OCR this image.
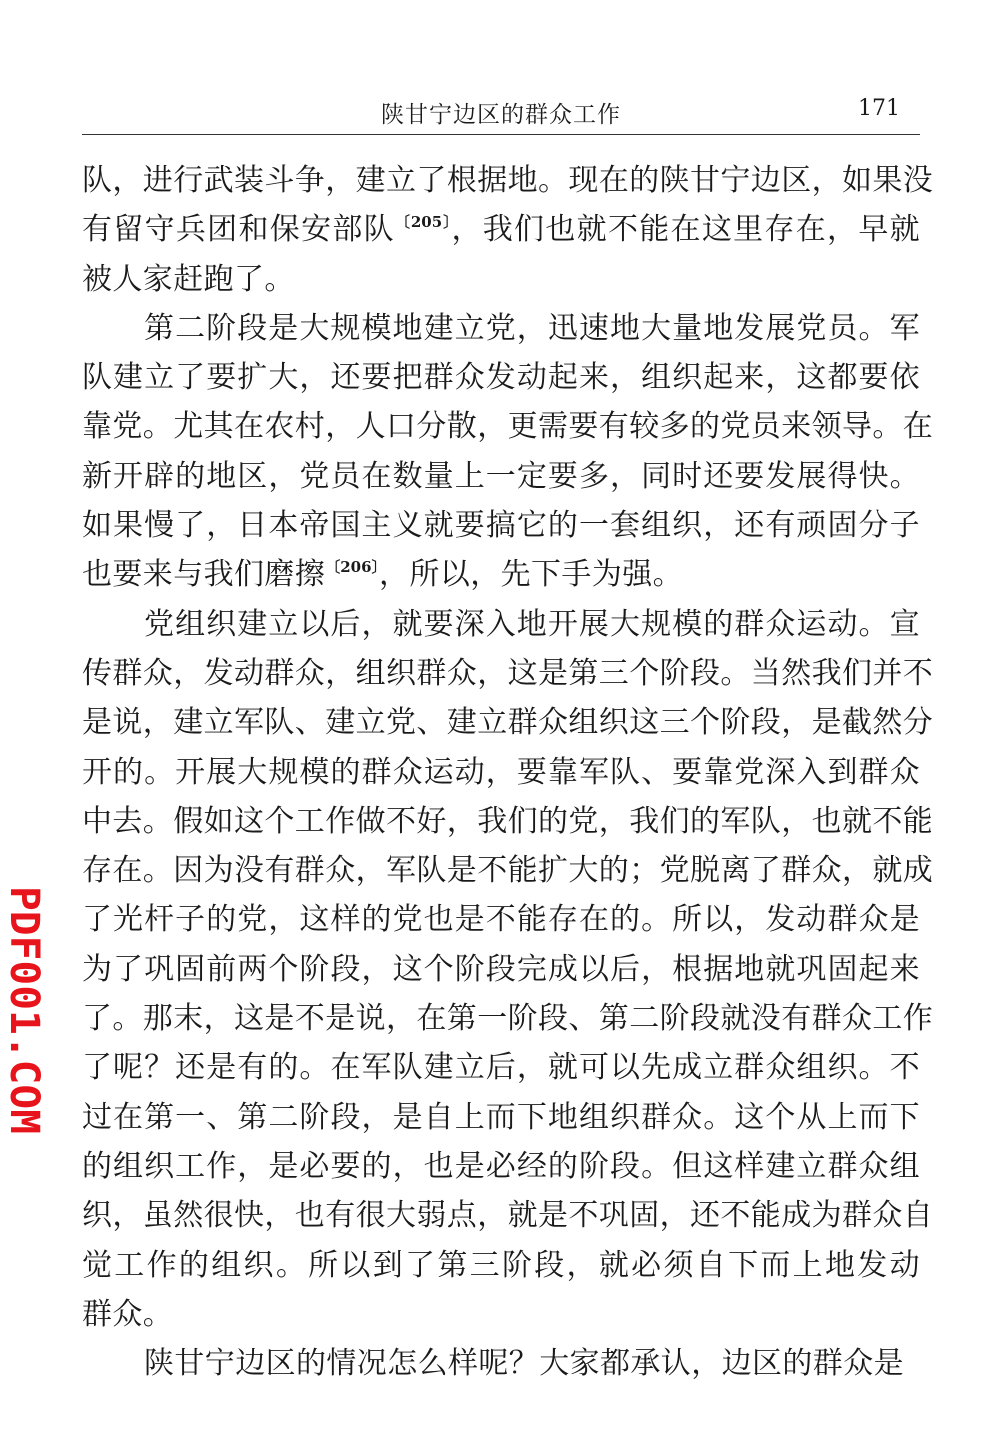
陕甘宁边区的群众工作	171
队，进行武装斗争，建立了根据地。现在的陕甘宁边区，如果没
有留守兵团和保安部队$^{〔205〕}$，我们也就不能在这里存在，早就
被人家赶跑了。
第二阶段是大规模地建立党，迅速地大量地发展党员。军
队建立了要扩大，还要把群众发动起来，组织起来，这都要依
靠党。尤其在农村，人口分散，更需要有较多的党员来领导。在
新开辟的地区，党员在数量上一定要多，同时还要发展得快。
如果慢了，日本帝国主义就要搞它的一套组织，还有顽固分子
也要来与我们磨擦$^{〔206〕}$，所以，先下手为强。
党组织建立以后，就要深入地开展大规模的群众运动。宣
传群众，发动群众，组织群众，这是第三个阶段。当然我们并不
是说，建立军队、建立党、建立群众组织这三个阶段，是截然分
开的。开展大规模的群众运动，要靠军队、要靠党深入到群众
中去。假如这个工作做不好，我们的党，我们的军队，也就不能
存在。因为没有群众，军队是不能扩大的；党脱离了群众，就成
了光杆子的党，这样的党也是不能存在的。所以，发动群众是
为了巩固前两个阶段，这个阶段完成以后，根据地就巩固起来
了。那末，这是不是说，在第一阶段、第二阶段就没有群众工作
了呢？还是有的。在军队建立后，就可以先成立群众组织。不
过在第一、第二阶段，是自上而下地组织群众。这个从上而下
的组织工作，是必要的，也是必经的阶段。但这样建立群众组
织，虽然很快，也有很大弱点，就是不巩固，还不能成为群众自
觉工作的组织。所以到了第三阶段，就必须自下而上地发动
群众。
陕甘宁边区的情况怎么样呢？大家都承认，边区的群众是
PDF001.COM
